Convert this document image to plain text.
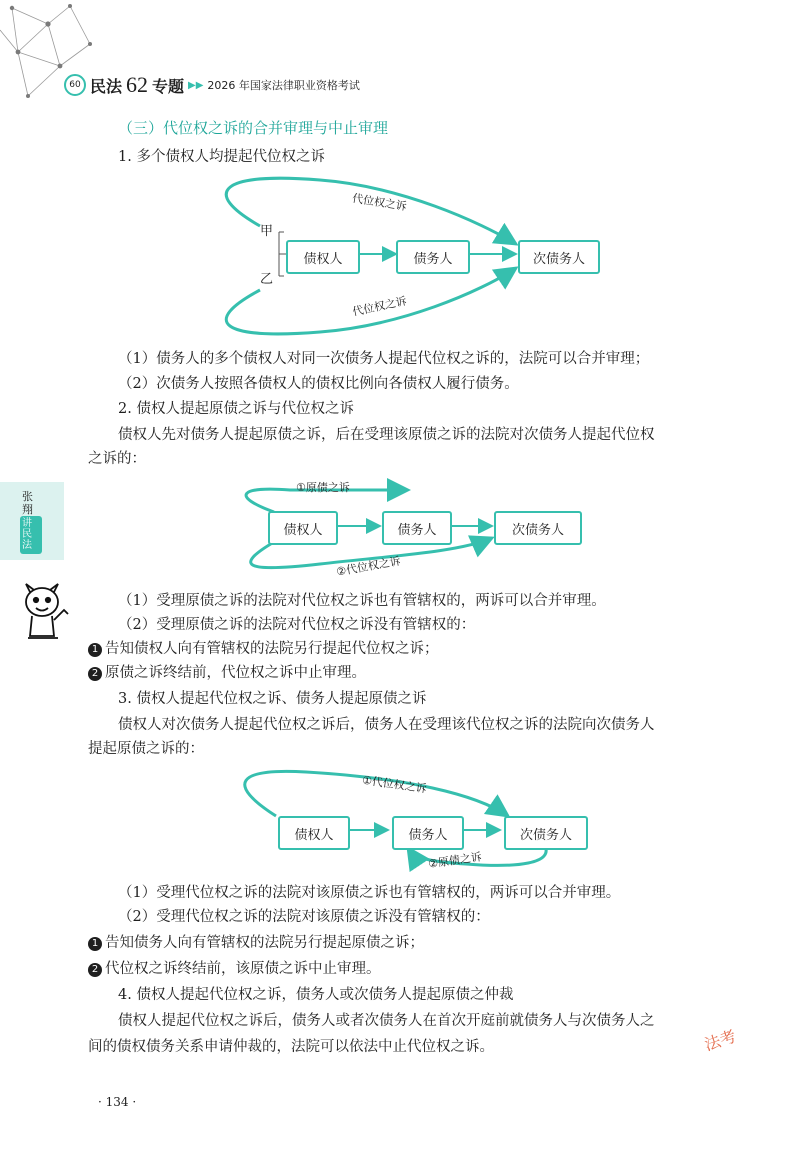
60 民法 62 专题 ▶▶ 2026 年国家法律职业资格考试
（三）代位权之诉的合并审理与中止审理
1. 多个债权人均提起代位权之诉
甲
乙
债权人	债务人	次债务人
代位权之诉
代位权之诉
（1）债务人的多个债权人对同一次债务人提起代位权之诉的，法院可以合并审理；
（2）次债务人按照各债权人的债权比例向各债权人履行债务。
2. 债权人提起原债之诉与代位权之诉
债权人先对债务人提起原债之诉，后在受理该原债之诉的法院对次债务人提起代位权
之诉的：
债权人	债务人	次债务人
①原债之诉
②代位权之诉
张翔
讲民法
（1）受理原债之诉的法院对代位权之诉也有管辖权的，两诉可以合并审理。
（2）受理原债之诉的法院对代位权之诉没有管辖权的：
1 告知债权人向有管辖权的法院另行提起代位权之诉；
2 原债之诉终结前，代位权之诉中止审理。
3. 债权人提起代位权之诉、债务人提起原债之诉
债权人对次债务人提起代位权之诉后，债务人在受理该代位权之诉的法院向次债务人
提起原债之诉的：
债权人	债务人	次债务人
①代位权之诉
②原债之诉
（1）受理代位权之诉的法院对该原债之诉也有管辖权的，两诉可以合并审理。
（2）受理代位权之诉的法院对该原债之诉没有管辖权的：
1 告知债务人向有管辖权的法院另行提起原债之诉；
2 代位权之诉终结前，该原债之诉中止审理。
4. 债权人提起代位权之诉，债务人或次债务人提起原债之仲裁
债权人提起代位权之诉后，债务人或者次债务人在首次开庭前就债务人与次债务人之
间的债权债务关系申请仲裁的，法院可以依法中止代位权之诉。	法考
· 134 ·
